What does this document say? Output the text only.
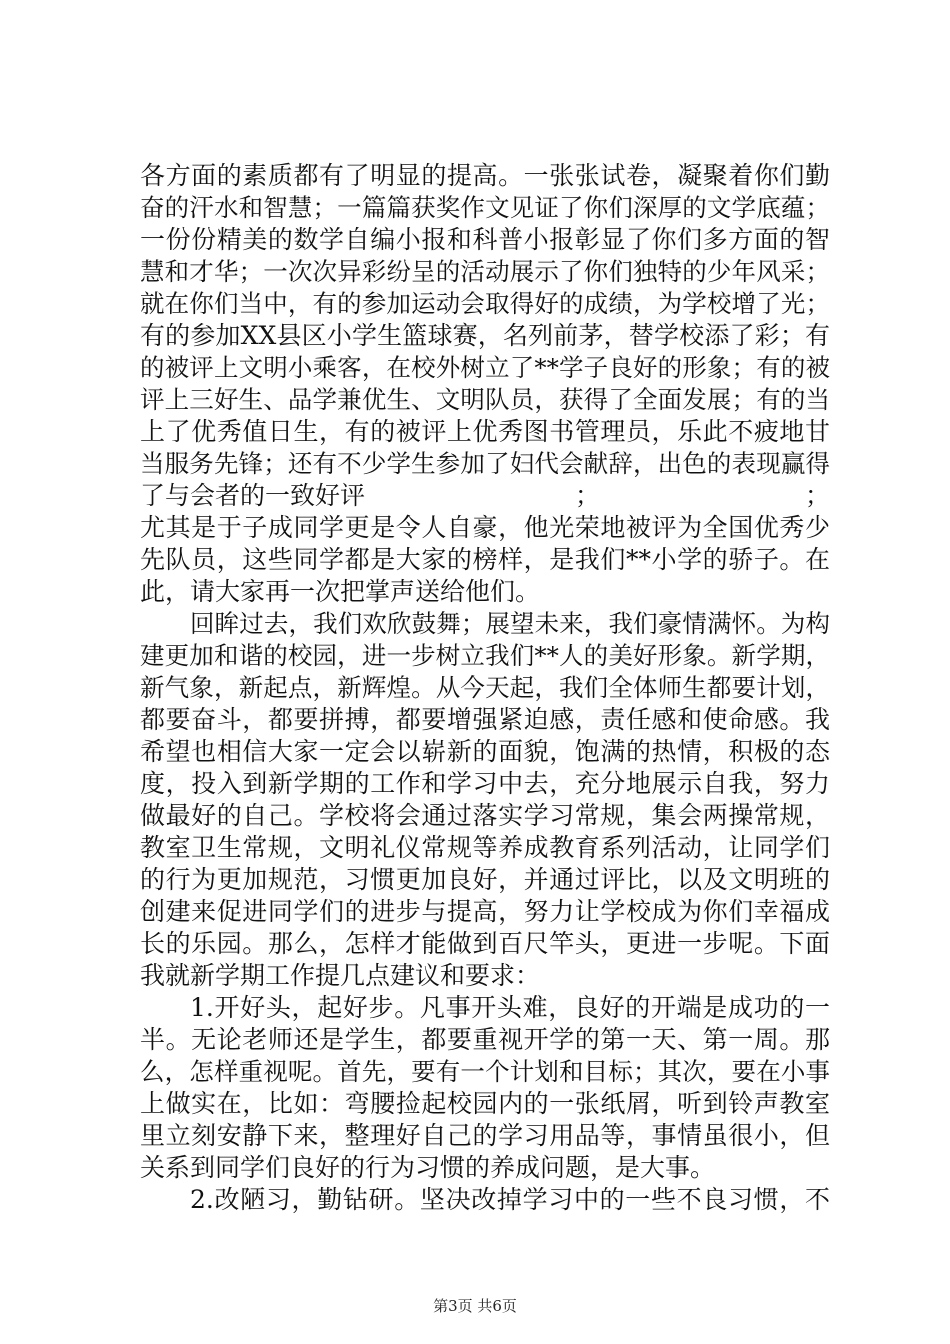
各方面的素质都有了明显的提高。一张张试卷，凝聚着你们勤
奋的汗水和智慧；一篇篇获奖作文见证了你们深厚的文学底蕴；
一份份精美的数学自编小报和科普小报彰显了你们多方面的智
慧和才华；一次次异彩纷呈的活动展示了你们独特的少年风采；
就在你们当中，有的参加运动会取得好的成绩，为学校增了光；
有的参加XX县区小学生篮球赛，名列前茅，替学校添了彩；有
的被评上文明小乘客，在校外树立了**学子良好的形象；有的被
评上三好生、品学兼优生、文明队员，获得了全面发展；有的当
上了优秀值日生，有的被评上优秀图书管理员，乐此不疲地甘
当服务先锋；还有不少学生参加了妇代会献辞，出色的表现赢得
了与会者的一致好评	；	；
尤其是于子成同学更是令人自豪，他光荣地被评为全国优秀少
先队员，这些同学都是大家的榜样，是我们**小学的骄子。在
此，请大家再一次把掌声送给他们。
回眸过去，我们欢欣鼓舞；展望未来，我们豪情满怀。为构
建更加和谐的校园，进一步树立我们**人的美好形象。新学期，
新气象，新起点，新辉煌。从今天起，我们全体师生都要计划，
都要奋斗，都要拼搏，都要增强紧迫感，责任感和使命感。我
希望也相信大家一定会以崭新的面貌，饱满的热情，积极的态
度，投入到新学期的工作和学习中去，充分地展示自我，努力
做最好的自己。学校将会通过落实学习常规，集会两操常规，
教室卫生常规，文明礼仪常规等养成教育系列活动，让同学们
的行为更加规范，习惯更加良好，并通过评比，以及文明班的
创建来促进同学们的进步与提高，努力让学校成为你们幸福成
长的乐园。那么，怎样才能做到百尺竿头，更进一步呢。下面
我就新学期工作提几点建议和要求：
1.开好头，起好步。凡事开头难，良好的开端是成功的一
半。无论老师还是学生，都要重视开学的第一天、第一周。那
么，怎样重视呢。首先，要有一个计划和目标；其次，要在小事
上做实在，比如：弯腰捡起校园内的一张纸屑，听到铃声教室
里立刻安静下来，整理好自己的学习用品等，事情虽很小，但
关系到同学们良好的行为习惯的养成问题，是大事。
2.改陋习，勤钻研。坚决改掉学习中的一些不良习惯，不
第3页 共6页
